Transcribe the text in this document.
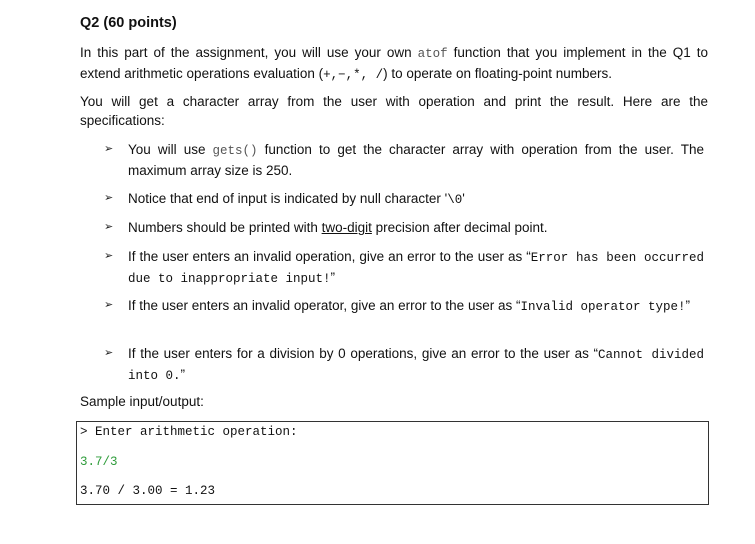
Q2 (60 points)

In this part of the assignment, you will use your own atof function that you implement in the Q1 to extend arithmetic operations evaluation (+,−,*, /) to operate on floating-point numbers.

You will get a character array from the user with operation and print the result. Here are the specifications:

➢ You will use gets() function to get the character array with operation from the user. The maximum array size is 250.
➢ Notice that end of input is indicated by null character '\0'
➢ Numbers should be printed with two-digit precision after decimal point.
➢ If the user enters an invalid operation, give an error to the user as “Error has been occurred due to inappropriate input!”
➢ If the user enters an invalid operator, give an error to the user as “Invalid operator type!”
➢ If the user enters for a division by 0 operations, give an error to the user as “Cannot divided into 0.”
Sample input/output:
> Enter arithmetic operation:
3.7/3
3.70 / 3.00 = 1.23
